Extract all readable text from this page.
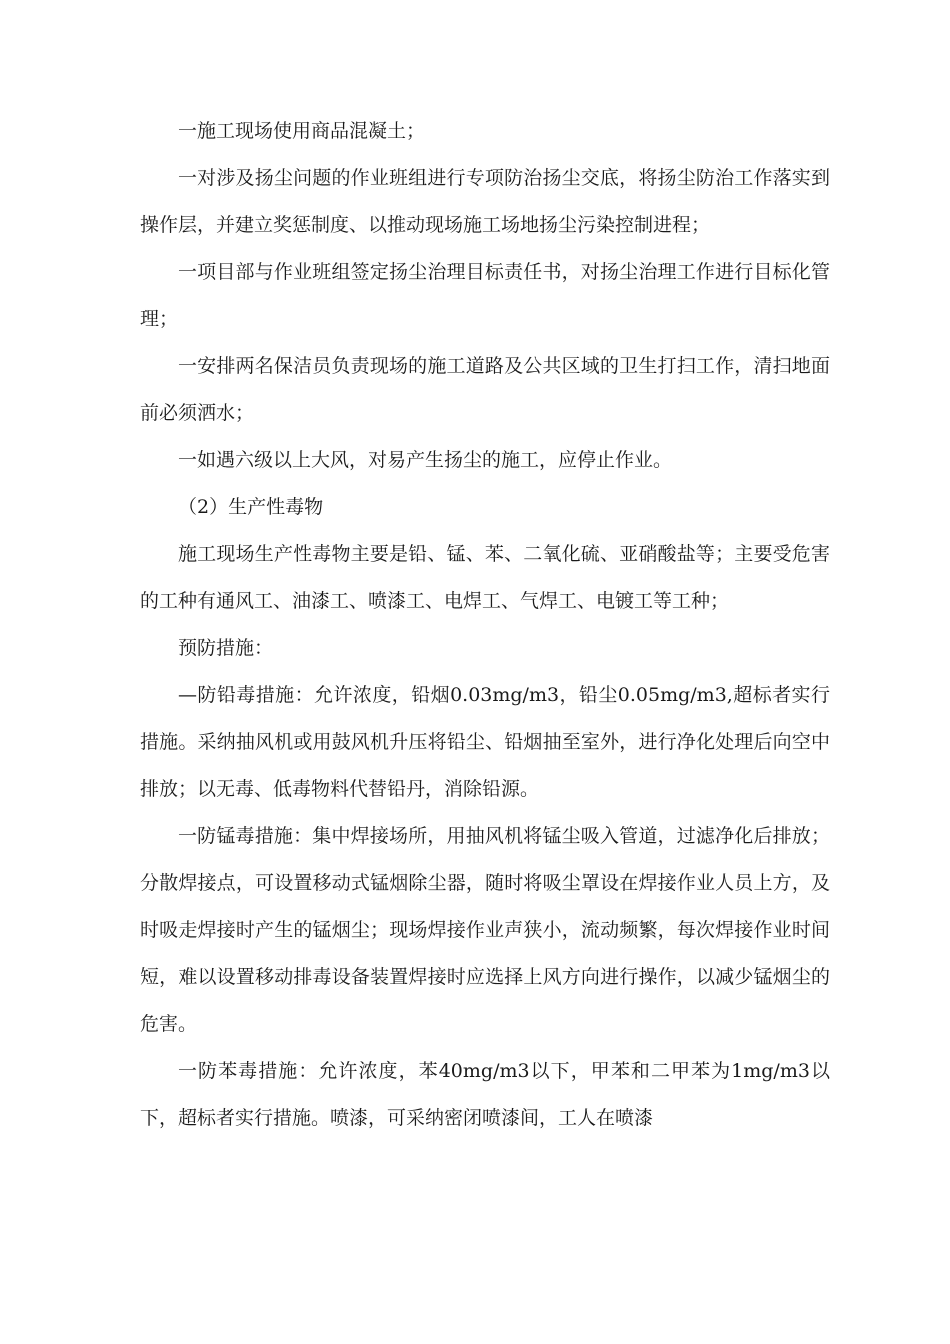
一施工现场使用商品混凝土；

一对涉及扬尘问题的作业班组进行专项防治扬尘交底，将扬尘防治工作落实到操作层，并建立奖惩制度、以推动现场施工场地扬尘污染控制进程；

一项目部与作业班组签定扬尘治理目标责任书，对扬尘治理工作进行目标化管理；

一安排两名保洁员负责现场的施工道路及公共区域的卫生打扫工作，清扫地面前必须洒水；

一如遇六级以上大风，对易产生扬尘的施工，应停止作业。

（2）生产性毒物

施工现场生产性毒物主要是铅、锰、苯、二氧化硫、亚硝酸盐等；主要受危害的工种有通风工、油漆工、喷漆工、电焊工、气焊工、电镀工等工种；

预防措施：

—防铅毒措施：允许浓度，铅烟0.03mg/m3，铅尘0.05mg/m3,超标者实行措施。采纳抽风机或用鼓风机升压将铅尘、铅烟抽至室外，进行净化处理后向空中排放；以无毒、低毒物料代替铅丹，消除铅源。

一防锰毒措施：集中焊接场所，用抽风机将锰尘吸入管道，过滤净化后排放；分散焊接点，可设置移动式锰烟除尘器，随时将吸尘罩设在焊接作业人员上方，及时吸走焊接时产生的锰烟尘；现场焊接作业声狭小，流动频繁，每次焊接作业时间短，难以设置移动排毒设备装置焊接时应选择上风方向进行操作，以减少锰烟尘的危害。

一防苯毒措施：允许浓度，苯40mg/m3以下，甲苯和二甲苯为1mg/m3以下，超标者实行措施。喷漆，可采纳密闭喷漆间，工人在喷漆
